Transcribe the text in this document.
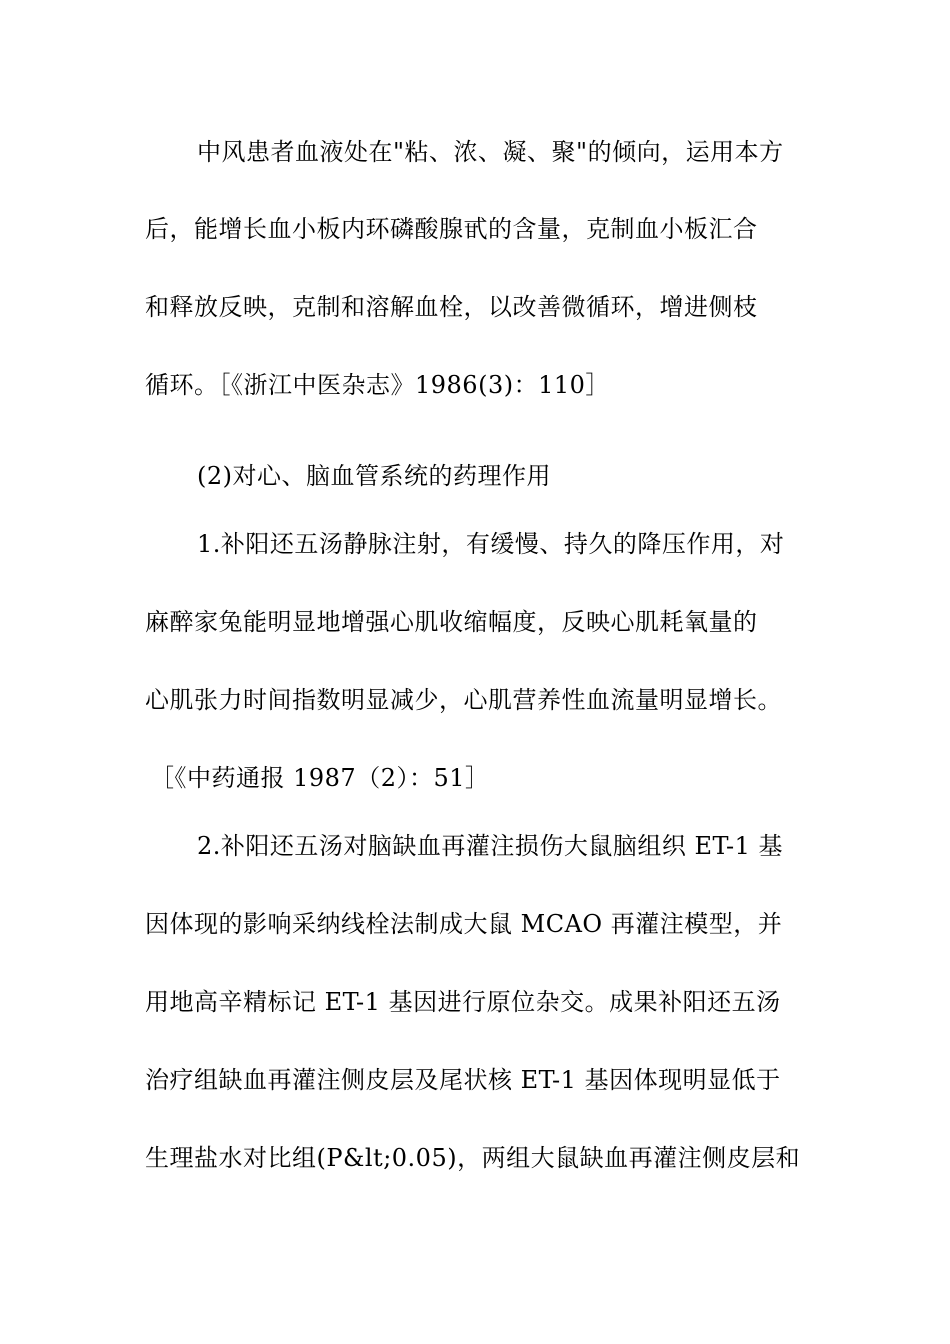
中风患者血液处在"粘、浓、凝、聚"的倾向，运用本方
后，能增长血小板内环磷酸腺甙的含量，克制血小板汇合
和释放反映，克制和溶解血栓，以改善微循环，增进侧枝
循环。［《浙江中医杂志》1986(3)：110］
(2)对心、脑血管系统的药理作用
1.补阳还五汤静脉注射，有缓慢、持久的降压作用，对
麻醉家兔能明显地增强心肌收缩幅度，反映心肌耗氧量的
心肌张力时间指数明显减少，心肌营养性血流量明显增长。
［《中药通报 1987（2）：51］
2.补阳还五汤对脑缺血再灌注损伤大鼠脑组织 ET-1 基
因体现的影响采纳线栓法制成大鼠 MCAO 再灌注模型，并
用地高辛精标记 ET-1 基因进行原位杂交。成果补阳还五汤
治疗组缺血再灌注侧皮层及尾状核 ET-1 基因体现明显低于
生理盐水对比组(P&lt;0.05)，两组大鼠缺血再灌注侧皮层和
